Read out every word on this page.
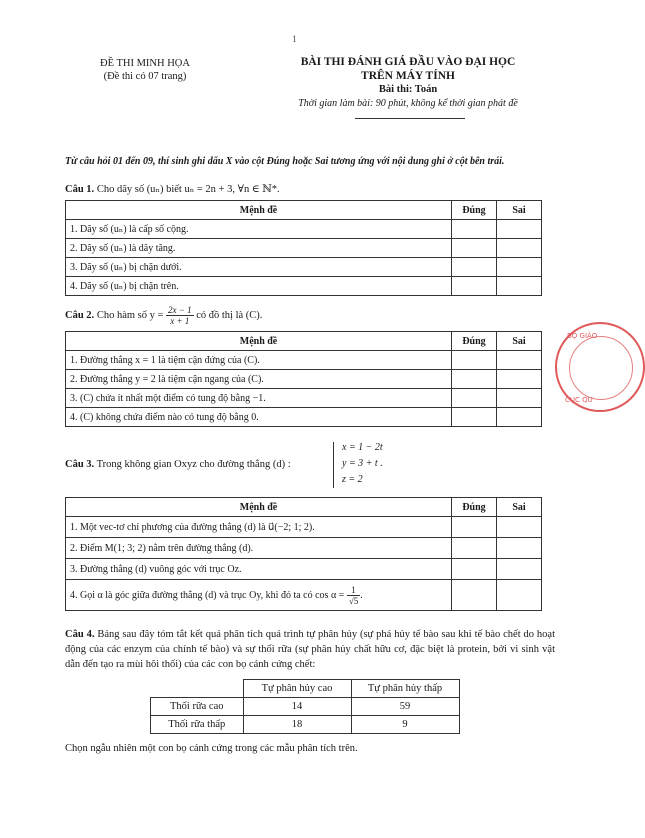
1
ĐỀ THI MINH HỌA
(Đề thi có 07 trang)
BÀI THI ĐÁNH GIÁ ĐẦU VÀO ĐẠI HỌC
TRÊN MÁY TÍNH
Bài thi: Toán
Thời gian làm bài: 90 phút, không kể thời gian phát đề
Từ câu hỏi 01 đến 09, thí sinh ghi dấu X vào cột Đúng hoặc Sai tương ứng với nội dung ghi ở cột bên trái.
Câu 1. Cho dãy số (uₙ) biết uₙ = 2n + 3, ∀n ∈ ℕ*.
Mệnh đề	Đúng	Sai
1. Dãy số (uₙ) là cấp số cộng.		
2. Dãy số (uₙ) là dãy tăng.		
3. Dãy số (uₙ) bị chặn dưới.		
4. Dãy số (uₙ) bị chặn trên.		
Câu 2. Cho hàm số $y = \frac{2x - 1}{x + 1}$ có đồ thị là (C).
Mệnh đề	Đúng	Sai
1. Đường thẳng x = 1 là tiệm cận đứng của (C).		
2. Đường thẳng y = 2 là tiệm cận ngang của (C).		
3. (C) chứa ít nhất một điểm có tung độ bằng −1.		
4. (C) không chứa điểm nào có tung độ bằng 0.		
BỘ GIÁO
CỤC QU
Câu 3. Trong không gian Oxyz cho đường thẳng (d) :
x = 1 − 2t
y = 3 + t .
z = 2
Mệnh đề	Đúng	Sai
1. Một vec-tơ chỉ phương của đường thẳng (d) là u⃗(−2; 1; 2).		
2. Điểm M(1; 3; 2) nằm trên đường thẳng (d).		
3. Đường thẳng (d) vuông góc với trục Oz.		
4. Gọi α là góc giữa đường thẳng (d) và trục Oy, khi đó ta có $\cos \alpha = \frac{1}{√5}$ .		
Câu 4. Bảng sau đây tóm tắt kết quả phân tích quá trình tự phân hủy (sự phá hủy tế bào sau khi tế bào chết do hoạt động của các enzym của chính tế bào) và sự thối rữa (sự phân hủy chất hữu cơ, đặc biệt là protein, bởi vi sinh vật dẫn đến tạo ra mùi hôi thối) của các con bọ cánh cứng chết:
	Tự phân hủy cao	Tự phân hủy thấp
Thối rữa cao	14	59
Thối rữa thấp	18	9
Chọn ngẫu nhiên một con bọ cánh cứng trong các mẫu phân tích trên.
